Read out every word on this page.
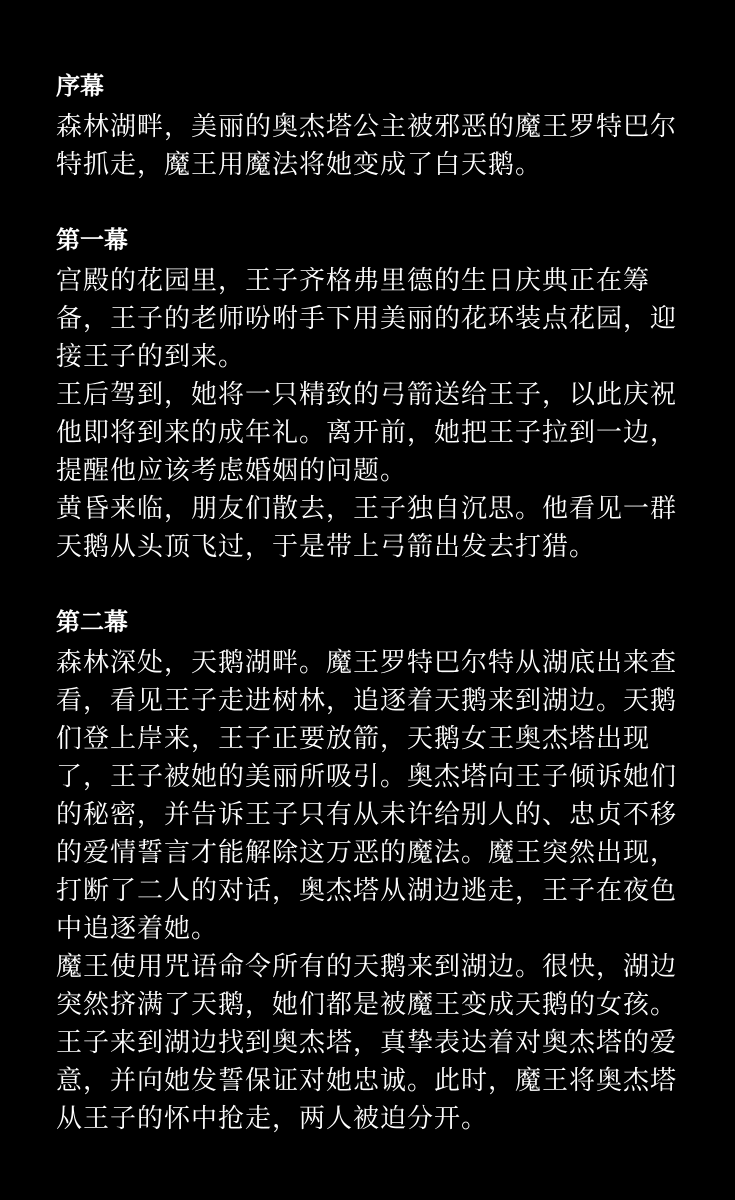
序幕

森林湖畔，美丽的奥杰塔公主被邪恶的魔王罗特巴尔特抓走，魔王用魔法将她变成了白天鹅。

第一幕

宫殿的花园里，王子齐格弗里德的生日庆典正在筹备，王子的老师吩咐手下用美丽的花环装点花园，迎接王子的到来。

王后驾到，她将一只精致的弓箭送给王子，以此庆祝他即将到来的成年礼。离开前，她把王子拉到一边，提醒他应该考虑婚姻的问题。

黄昏来临，朋友们散去，王子独自沉思。他看见一群天鹅从头顶飞过，于是带上弓箭出发去打猎。

第二幕

森林深处，天鹅湖畔。魔王罗特巴尔特从湖底出来查看，看见王子走进树林，追逐着天鹅来到湖边。天鹅们登上岸来，王子正要放箭，天鹅女王奥杰塔出现了，王子被她的美丽所吸引。奥杰塔向王子倾诉她们的秘密，并告诉王子只有从未许给别人的、忠贞不移的爱情誓言才能解除这万恶的魔法。魔王突然出现，打断了二人的对话，奥杰塔从湖边逃走，王子在夜色中追逐着她。

魔王使用咒语命令所有的天鹅来到湖边。很快，湖边突然挤满了天鹅，她们都是被魔王变成天鹅的女孩。王子来到湖边找到奥杰塔，真挚表达着对奥杰塔的爱意，并向她发誓保证对她忠诚。此时，魔王将奥杰塔从王子的怀中抢走，两人被迫分开。
